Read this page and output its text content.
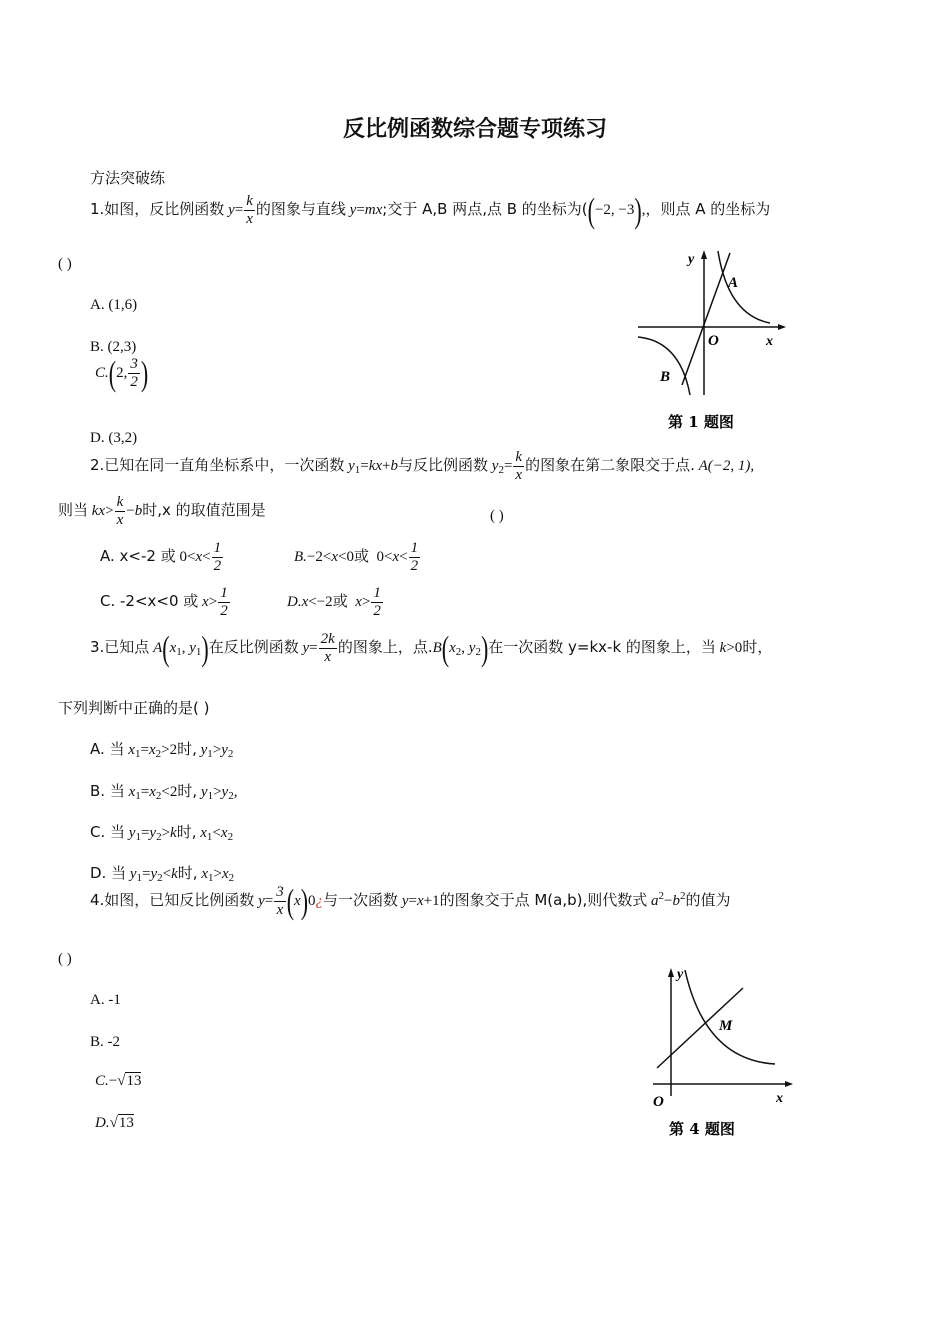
反比例函数综合题专项练习
方法突破练
1.如图，反比例函数 $y= \frac{k}{x}$ 的图象与直线 y=mx;交于 A,B 两点,点 B 的坐标为((−2, −3),，则点 A 的坐标为
( )
A. (1,6)
B. (2,3)
C.(2, $\frac{3}{2}$ )
D. (3,2)
y
x
O
A
B
第 1 题图
2.已知在同一直角坐标系中，一次函数 $y_1=kx+b$与反比例函数 $y_2= \frac{k}{x}$ 的图象在第二象限交于点. A(−2, 1),
则当 $kx> \frac{k}{x} -b$时,x 的取值范围是	( )
A. x<-2 或 $0<x< \frac{1}{2}$	B.−2<x<0或  $0<x< \frac{1}{2}$
C. -2<x<0 或 $x> \frac{1}{2}$	D.x<−2或 $x> \frac{1}{2}$
3.已知点 $A(x_1$, $y_1$)在反比例函数 $y= \frac{2k}{x}$ 的图象上，点$.B(x_2$, $y_2$)在一次函数 y=kx-k 的图象上，当 k>0时，
下列判断中正确的是( )
A. 当 $x_1=x_2>2$时, $y_1>y_2$
B. 当 $x_1=x_2<2$时, $y_1>y_2$,
C. 当 $y_1=y_2>k$时, $x_1<x_2$
D. 当 $y_1=y_2<k$时, $x_1>x_2$
4.如图，已知反比例函数 $y= \frac{3}{x}$ (x)0¿与一次函数 y=x+1的图象交于点 M(a,b),则代数式 $a^2-b^2$的值为
( )
A. -1
B. -2
C.−√13
D.√13
y
x
O
M
第 4 题图
